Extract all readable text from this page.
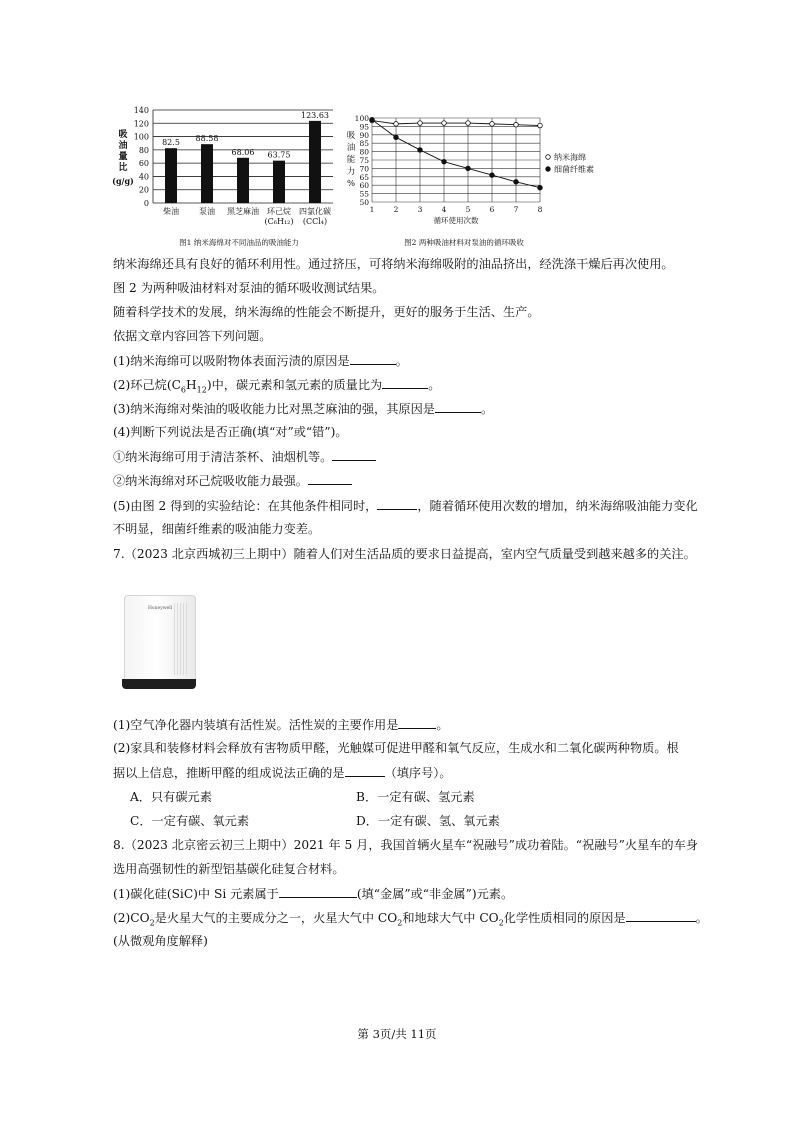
0
20
40
60
80
100
120
140
吸
油
量
比
(g/g)
82.5
柴油
88.58
泵油
68.06
黑芝麻油
63.75
环己烷
(C₆H₁₂)
123.63
四氯化碳
(CCl₄)
图1 纳米海绵对不同油品的吸油能力
50
55
60
65
70
75
80
85
90
95
100
1	2	3	4	5	6	7	8
吸
油
能
力
%
循环使用次数
纳米海绵
细菌纤维素
图2 两种吸油材料对泵油的循环吸收
纳米海绵还具有良好的循环利用性。通过挤压，可将纳米海绵吸附的油品挤出，经洗涤干燥后再次使用。
图 2 为两种吸油材料对泵油的循环吸收测试结果。
随着科学技术的发展，纳米海绵的性能会不断提升，更好的服务于生活、生产。
依据文章内容回答下列问题。
(1)纳米海绵可以吸附物体表面污渍的原因是	。
(2)环己烷$(C_6H_{12})$中，碳元素和氢元素的质量比为	。
(3)纳米海绵对柴油的吸收能力比对黑芝麻油的强，其原因是	。
(4)判断下列说法是否正确(填“对”或“错”)。
①纳米海绵可用于清洁茶杯、油烟机等。
②纳米海绵对环己烷吸收能力最强。
(5)由图 2 得到的实验结论：在其他条件相同时，	，随着循环使用次数的增加，纳米海绵吸油能力变化
不明显，细菌纤维素的吸油能力变差。
7.（2023 北京西城初三上期中）随着人们对生活品质的要求日益提高，室内空气质量受到越来越多的关注。
Honeywell
(1)空气净化器内装填有活性炭。活性炭的主要作用是	。
(2)家具和装修材料会释放有害物质甲醛，光触媒可促进甲醛和氧气反应，生成水和二氧化碳两种物质。根
据以上信息，推断甲醛的组成说法正确的是	（填序号）。
A．只有碳元素	B．一定有碳、氢元素
C．一定有碳、氧元素	D．一定有碳、氢、氧元素
8.（2023 北京密云初三上期中）2021 年 5 月，我国首辆火星车“祝融号”成功着陆。“祝融号”火星车的车身
选用高强韧性的新型铝基碳化硅复合材料。
(1)碳化硅(SiC)中 Si 元素属于	(填“金属”或“非金属”)元素。
$(2)CO_2$是火星大气的主要成分之一，火星大气中 $CO_2$和地球大气中 $CO_2$化学性质相同的原因是	。
(从微观角度解释)
第 3页/共 11页
